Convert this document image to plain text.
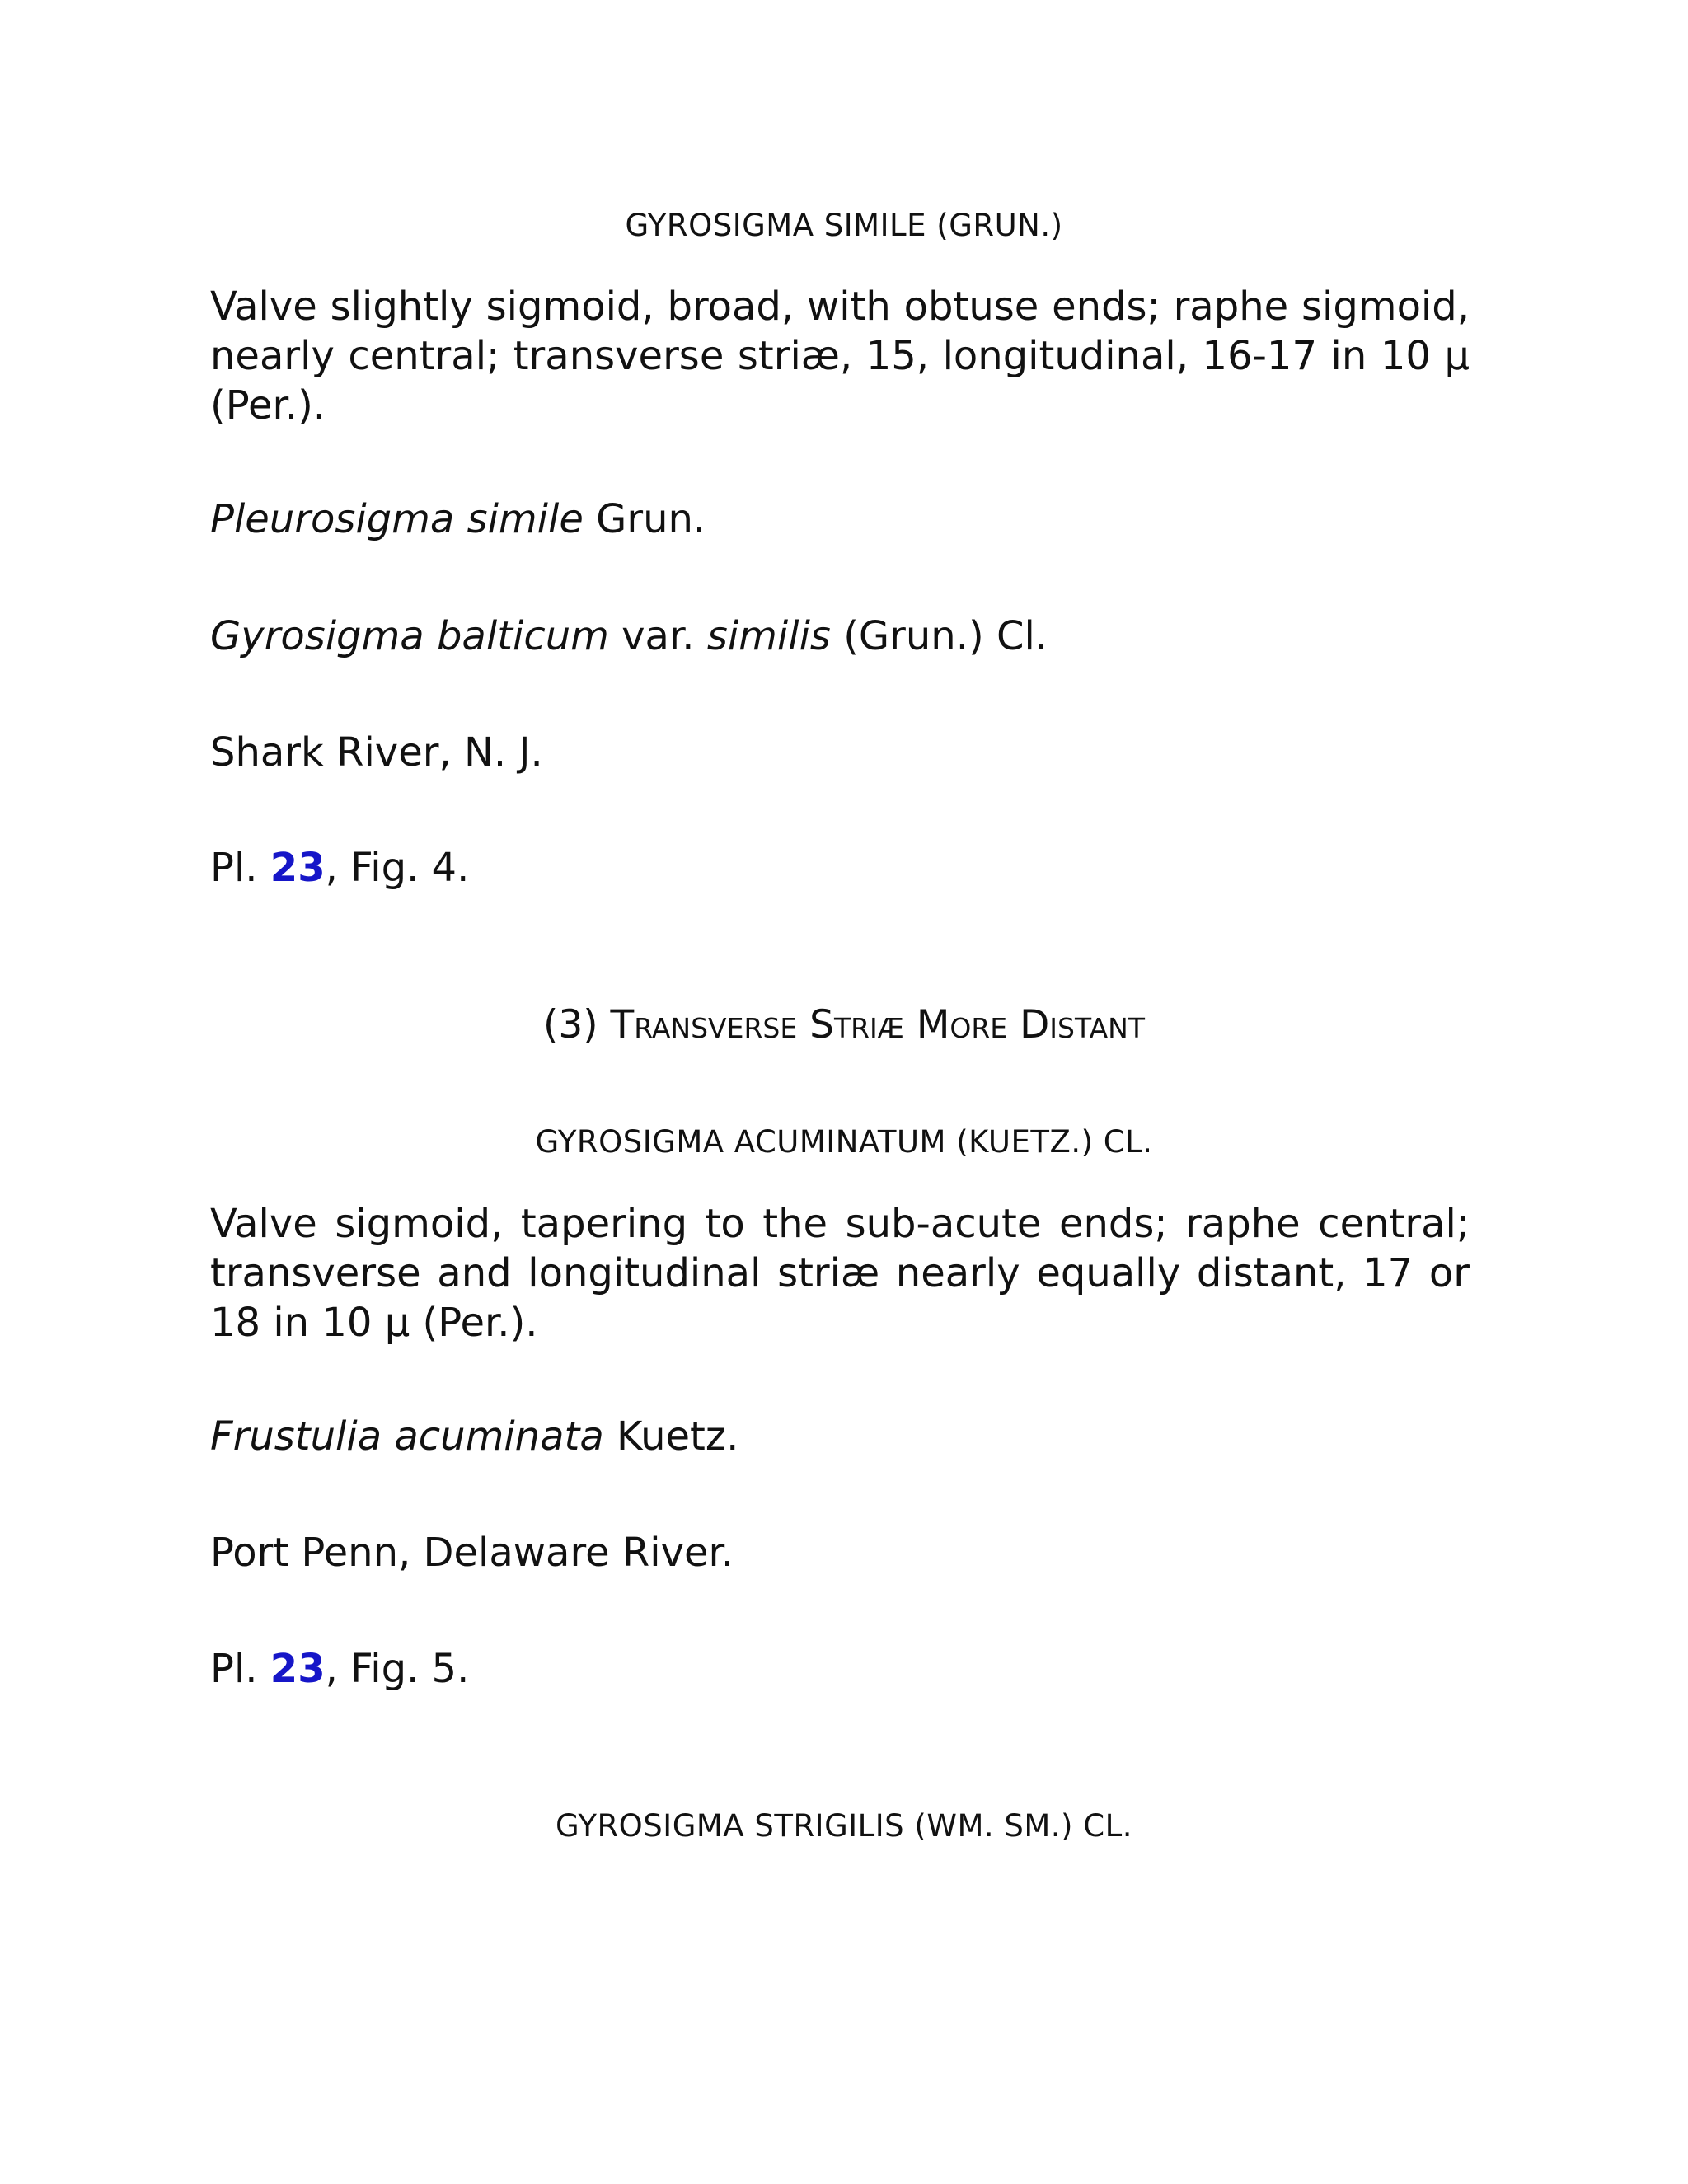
GYROSIGMA SIMILE (GRUN.)

Valve slightly sigmoid, broad, with obtuse ends; raphe sigmoid, nearly central; transverse striæ, 15, longitudinal, 16-17 in 10 µ (Per.).

Pleurosigma simile Grun.

Gyrosigma balticum var. similis (Grun.) Cl.

Shark River, N. J.

Pl. 23, Fig. 4.

(3) Transverse Striæ More Distant
GYROSIGMA ACUMINATUM (KUETZ.) CL.

Valve sigmoid, tapering to the sub-acute ends; raphe central; transverse and longitudinal striæ nearly equally distant, 17 or 18 in 10 µ (Per.).

Frustulia acuminata Kuetz.

Port Penn, Delaware River.

Pl. 23, Fig. 5.

GYROSIGMA STRIGILIS (WM. SM.) CL.
